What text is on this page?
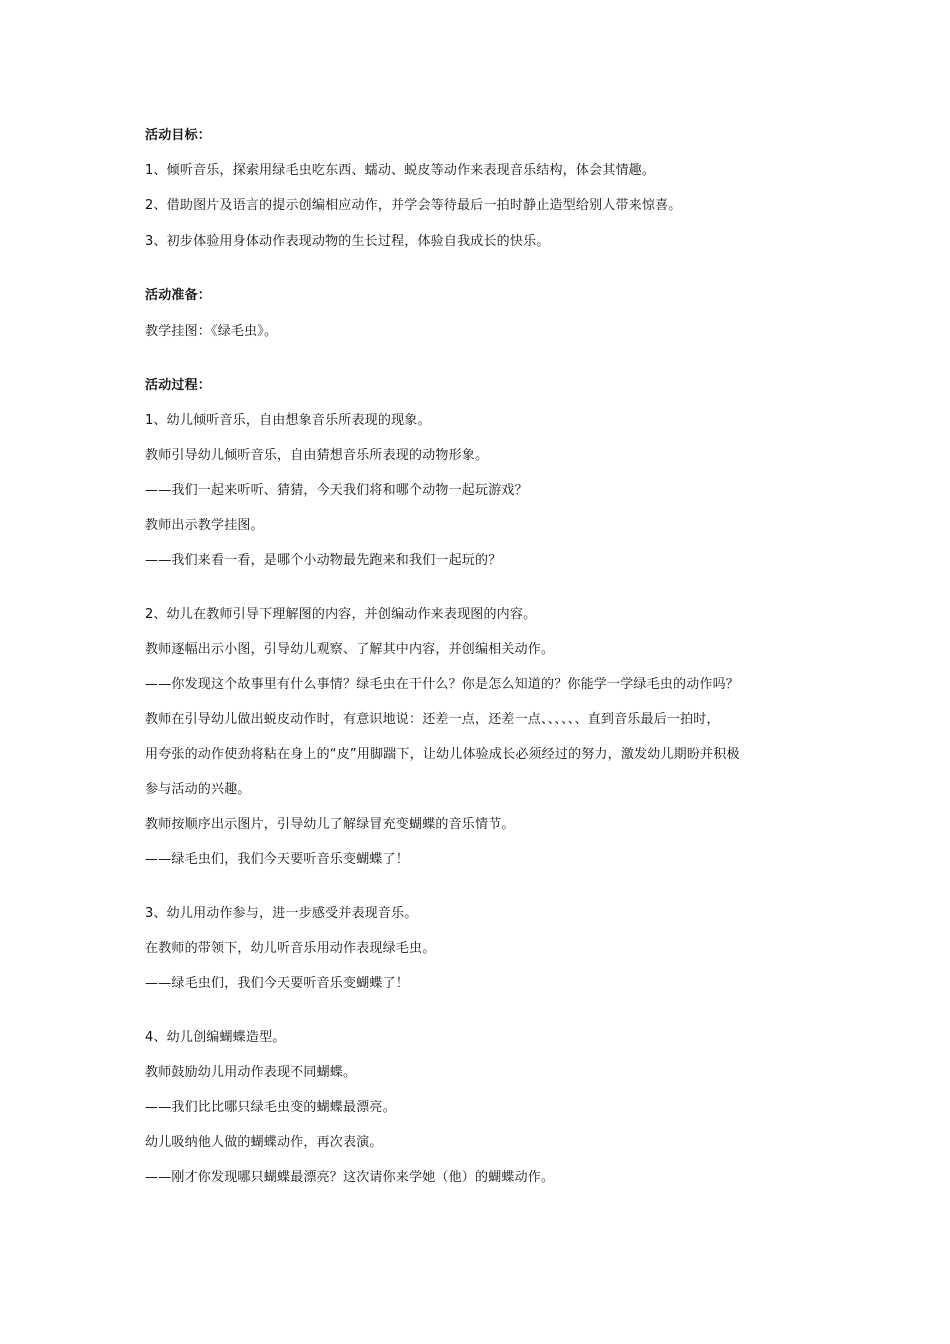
活动目标：
1、倾听音乐，探索用绿毛虫吃东西、蠕动、蜕皮等动作来表现音乐结构，体会其情趣。
2、借助图片及语言的提示创编相应动作，并学会等待最后一拍时静止造型给别人带来惊喜。
3、初步体验用身体动作表现动物的生长过程，体验自我成长的快乐。
活动准备：
教学挂图：《绿毛虫》。
活动过程：
1、幼儿倾听音乐，自由想象音乐所表现的现象。
教师引导幼儿倾听音乐，自由猜想音乐所表现的动物形象。
——我们一起来听听、猜猜，今天我们将和哪个动物一起玩游戏？
教师出示教学挂图。
——我们来看一看，是哪个小动物最先跑来和我们一起玩的？
2、幼儿在教师引导下理解图的内容，并创编动作来表现图的内容。
教师逐幅出示小图，引导幼儿观察、了解其中内容，并创编相关动作。
——你发现这个故事里有什么事情？绿毛虫在干什么？你是怎么知道的？你能学一学绿毛虫的动作吗？
教师在引导幼儿做出蜕皮动作时，有意识地说：还差一点，还差一点、、、、、、直到音乐最后一拍时，
用夸张的动作使劲将粘在身上的“皮”用脚踹下，让幼儿体验成长必须经过的努力，激发幼儿期盼并积极
参与活动的兴趣。
教师按顺序出示图片，引导幼儿了解绿冒充变蝴蝶的音乐情节。
——绿毛虫们，我们今天要听音乐变蝴蝶了！
3、幼儿用动作参与，进一步感受并表现音乐。
在教师的带领下，幼儿听音乐用动作表现绿毛虫。
——绿毛虫们，我们今天要听音乐变蝴蝶了！
4、幼儿创编蝴蝶造型。
教师鼓励幼儿用动作表现不同蝴蝶。
——我们比比哪只绿毛虫变的蝴蝶最漂亮。
幼儿吸纳他人做的蝴蝶动作，再次表演。
——刚才你发现哪只蝴蝶最漂亮？这次请你来学她（他）的蝴蝶动作。
